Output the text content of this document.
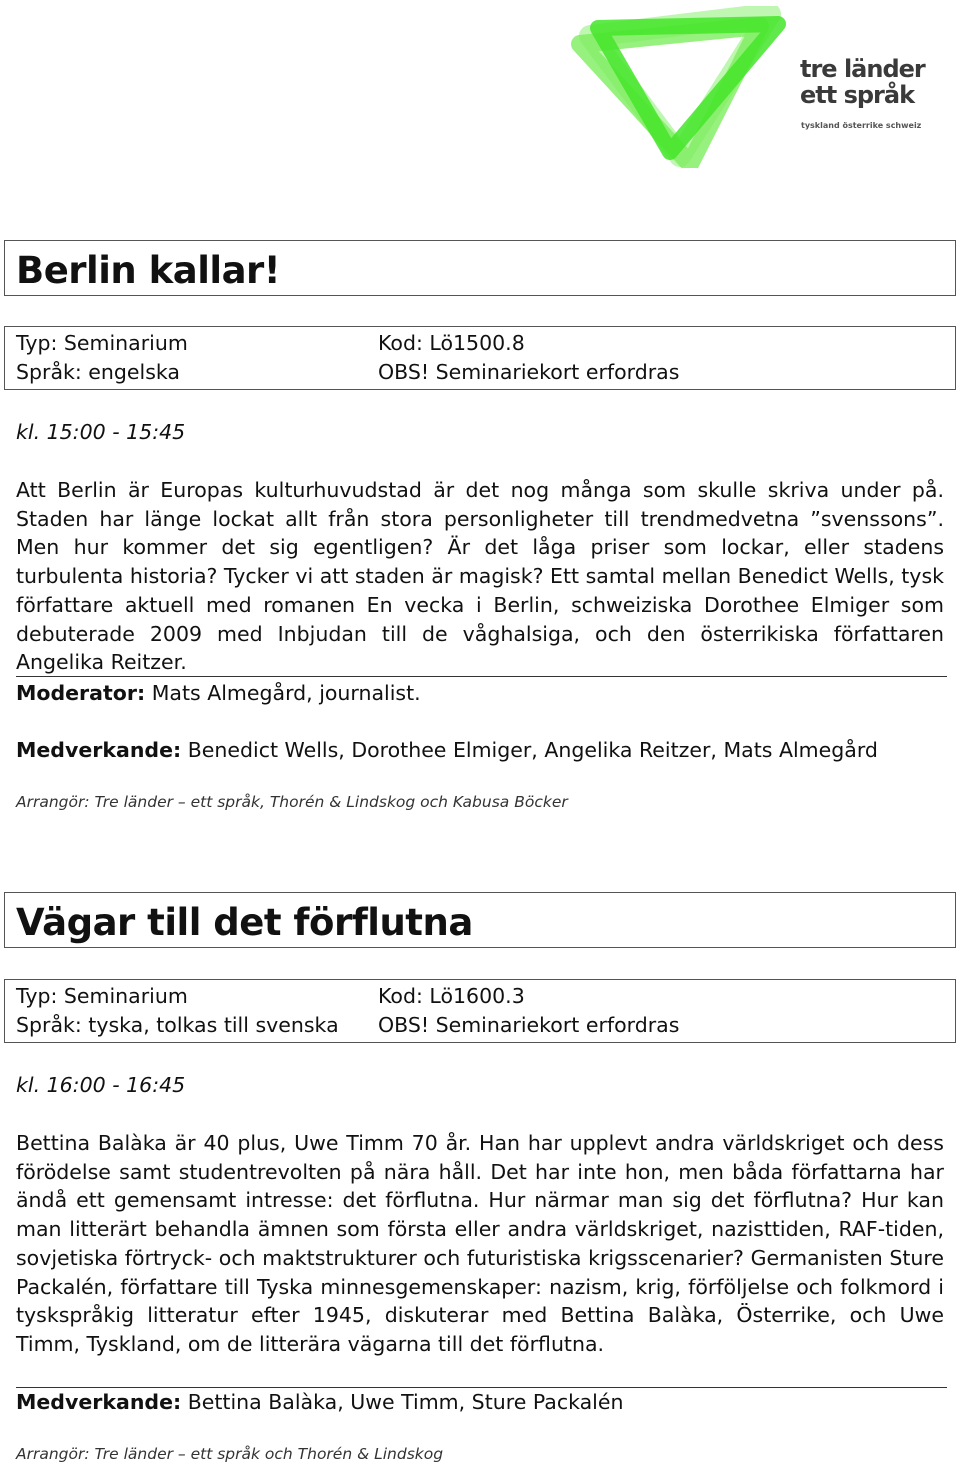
tre länder
ett språk
tyskland österrike schweiz
Berlin kallar!
Typ: Seminarium	Kod: Lö1500.8
Språk: engelska	OBS! Seminariekort erfordras
kl. 15:00 - 15:45
Att Berlin är Europas kulturhuvudstad är det nog många som skulle skriva under på. Staden har länge lockat allt från stora personligheter till trendmedvetna ”svenssons”. Men hur kommer det sig egentligen? Är det låga priser som lockar, eller stadens turbulenta historia? Tycker vi att staden är magisk? Ett samtal mellan Benedict Wells, tysk författare aktuell med romanen En vecka i Berlin, schweiziska Dorothee Elmiger som debuterade 2009 med Inbjudan till de våghalsiga, och den österrikiska författaren Angelika Reitzer.
Moderator: Mats Almegård, journalist.
Medverkande: Benedict Wells, Dorothee Elmiger, Angelika Reitzer, Mats Almegård
Arrangör: Tre länder – ett språk, Thorén & Lindskog och Kabusa Böcker
Vägar till det förflutna
Typ: Seminarium	Kod: Lö1600.3
Språk: tyska, tolkas till svenska OBS! Seminariekort erfordras
kl. 16:00 - 16:45
Bettina Balàka är 40 plus, Uwe Timm 70 år. Han har upplevt andra världskriget och dess förödelse samt studentrevolten på nära håll. Det har inte hon, men båda författarna har ändå ett gemensamt intresse: det förflutna. Hur närmar man sig det förflutna? Hur kan man litterärt behandla ämnen som första eller andra världskriget, nazisttiden, RAF-tiden, sovjetiska förtryck- och maktstrukturer och futuristiska krigsscenarier? Germanisten Sture Packalén, författare till Tyska minnesgemenskaper: nazism, krig, förföljelse och folkmord i tyskspråkig litteratur efter 1945, diskuterar med Bettina Balàka, Österrike, och Uwe Timm, Tyskland, om de litterära vägarna till det förflutna.
Medverkande: Bettina Balàka, Uwe Timm, Sture Packalén
Arrangör: Tre länder – ett språk och Thorén & Lindskog
